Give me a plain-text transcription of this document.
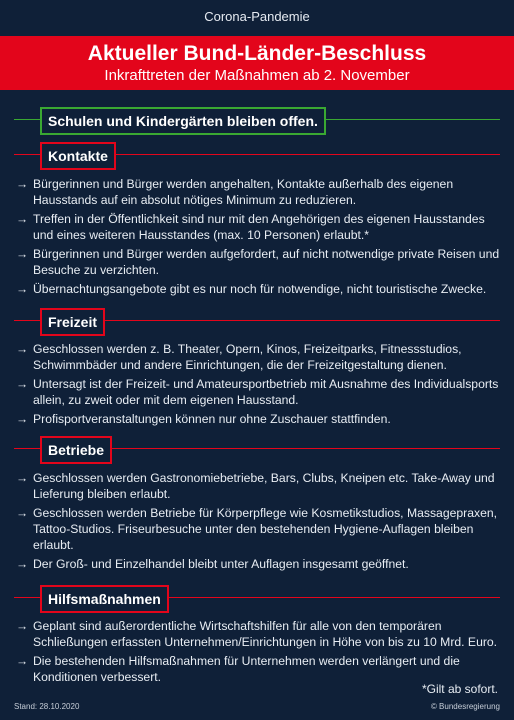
Corona-Pandemie
Aktueller Bund-Länder-Beschluss
Inkrafttreten der Maßnahmen ab 2. November
Schulen und Kindergärten bleiben offen.
Kontakte
→ Bürgerinnen und Bürger werden angehalten, Kontakte außerhalb des eigenen Hausstands auf ein absolut nötiges Minimum zu reduzieren.
→ Treffen in der Öffentlichkeit sind nur mit den Angehörigen des eigenen Hausstandes und eines weiteren Hausstandes (max. 10 Personen) erlaubt.*
→ Bürgerinnen und Bürger werden aufgefordert, auf nicht notwendige private Reisen und Besuche zu verzichten.
→ Übernachtungsangebote gibt es nur noch für notwendige, nicht touristische Zwecke.
Freizeit
→ Geschlossen werden z. B. Theater, Opern, Kinos, Freizeitparks, Fitnessstudios, Schwimmbäder und andere Einrichtungen, die der Freizeitgestaltung dienen.
→ Untersagt ist der Freizeit- und Amateursportbetrieb mit Ausnahme des Individualsports allein, zu zweit oder mit dem eigenen Hausstand.
→ Profisportveranstaltungen können nur ohne Zuschauer stattfinden.
Betriebe
→ Geschlossen werden Gastronomiebetriebe, Bars, Clubs, Kneipen etc. Take-Away und Lieferung bleiben erlaubt.
→ Geschlossen werden Betriebe für Körperpflege wie Kosmetikstudios, Massagepraxen, Tattoo-Studios. Friseurbesuche unter den bestehenden Hygiene-Auflagen bleiben erlaubt.
→ Der Groß- und Einzelhandel bleibt unter Auflagen insgesamt geöffnet.
Hilfsmaßnahmen
→ Geplant sind außerordentliche Wirtschaftshilfen für alle von den temporären Schließungen erfassten Unternehmen/Einrichtungen in Höhe von bis zu 10 Mrd. Euro.
→ Die bestehenden Hilfsmaßnahmen für Unternehmen werden verlängert und die Konditionen verbessert.
*Gilt ab sofort.
Stand: 28.10.2020	© Bundesregierung
